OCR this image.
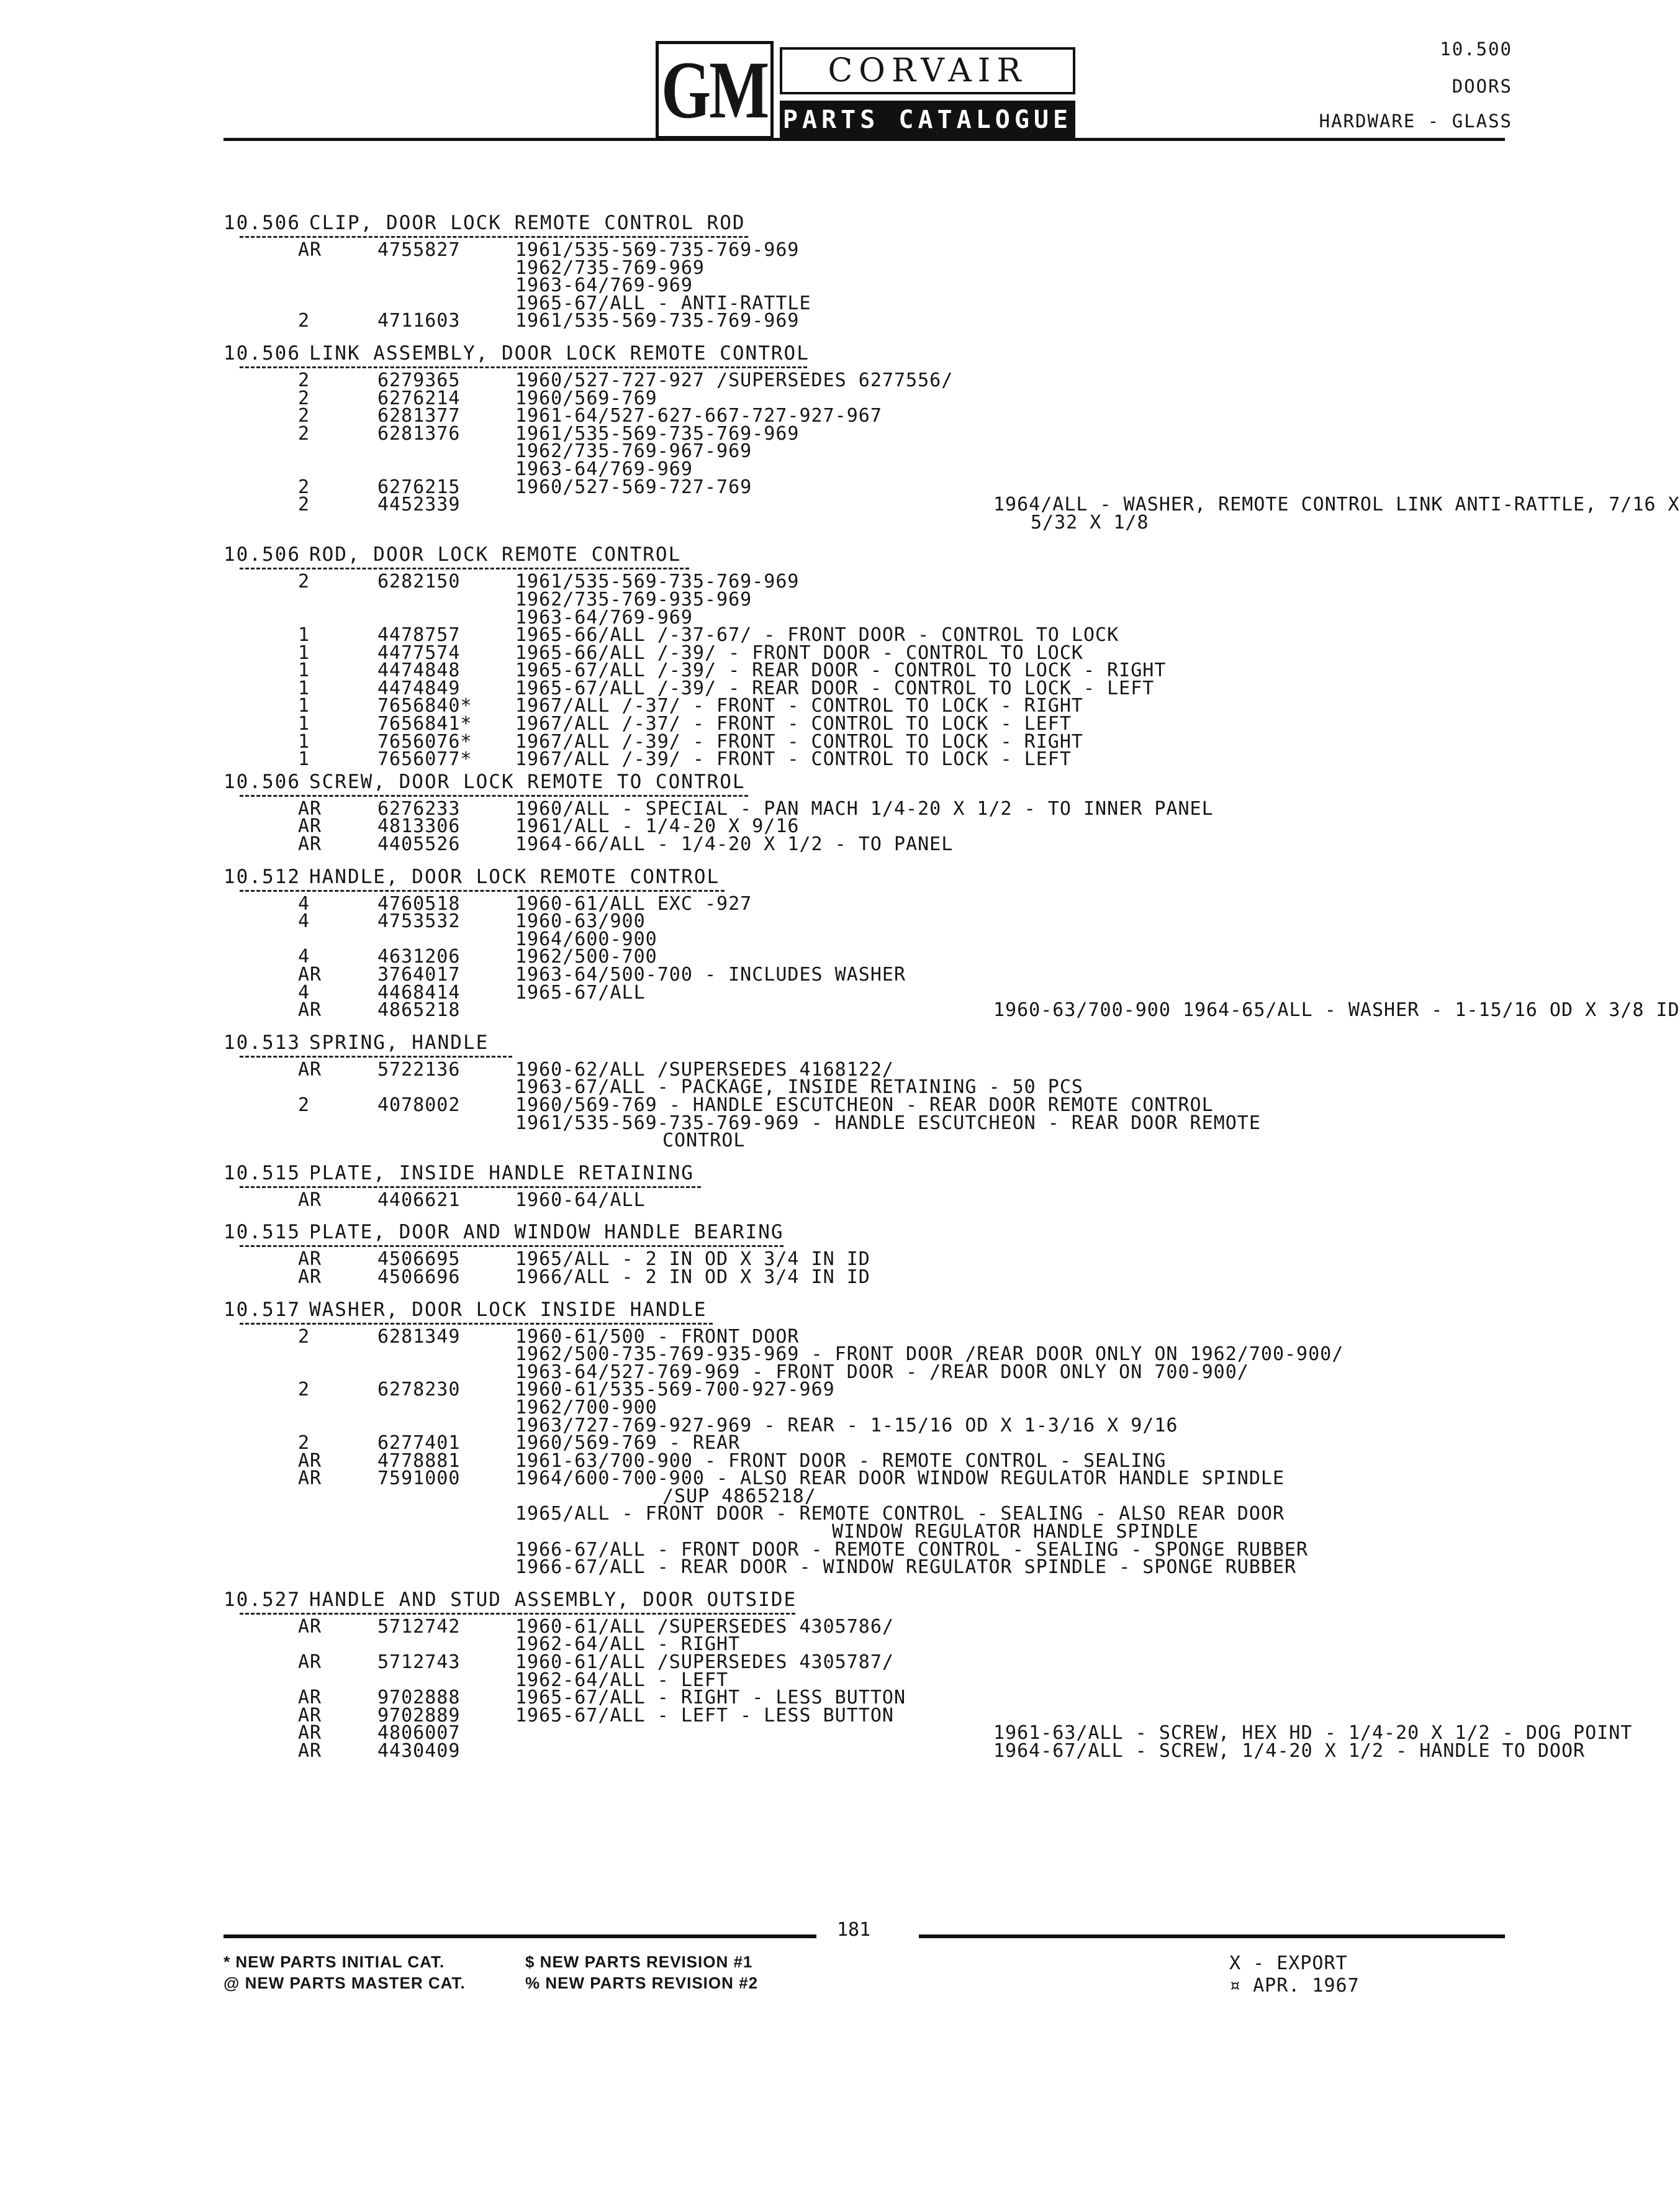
GM CORVAIR
PARTS CATALOGUE
10.500
DOORS
HARDWARE - GLASS
10.506 CLIP, DOOR LOCK REMOTE CONTROL ROD
AR	4755827	1961/535-569-735-769-969
1962/735-769-969
1963-64/769-969
1965-67/ALL - ANTI-RATTLE
2	4711603	1961/535-569-735-769-969
10.506 LINK ASSEMBLY, DOOR LOCK REMOTE CONTROL
2	6279365	1960/527-727-927 /SUPERSEDES 6277556/
2	6276214	1960/569-769
2	6281377	1961-64/527-627-667-727-927-967
2	6281376	1961/535-569-735-769-969
1962/735-769-967-969
1963-64/769-969
2	6276215	1960/527-569-727-769
2	4452339	1964/ALL - WASHER, REMOTE CONTROL LINK ANTI-RATTLE, 7/16 X
5/32 X 1/8
10.506 ROD, DOOR LOCK REMOTE CONTROL
2	6282150	1961/535-569-735-769-969
1962/735-769-935-969
1963-64/769-969
1	4478757	1965-66/ALL /-37-67/ - FRONT DOOR - CONTROL TO LOCK
1	4477574	1965-66/ALL /-39/ - FRONT DOOR - CONTROL TO LOCK
1	4474848	1965-67/ALL /-39/ - REAR DOOR - CONTROL TO LOCK - RIGHT
1	4474849	1965-67/ALL /-39/ - REAR DOOR - CONTROL TO LOCK - LEFT
1	7656840* 1967/ALL /-37/ - FRONT - CONTROL TO LOCK - RIGHT
1	7656841* 1967/ALL /-37/ - FRONT - CONTROL TO LOCK - LEFT
1	7656076* 1967/ALL /-39/ - FRONT - CONTROL TO LOCK - RIGHT
1	7656077* 1967/ALL /-39/ - FRONT - CONTROL TO LOCK - LEFT
10.506 SCREW, DOOR LOCK REMOTE TO CONTROL
AR	6276233	1960/ALL - SPECIAL - PAN MACH 1/4-20 X 1/2 - TO INNER PANEL
AR	4813306	1961/ALL - 1/4-20 X 9/16
AR	4405526	1964-66/ALL - 1/4-20 X 1/2 - TO PANEL
10.512 HANDLE, DOOR LOCK REMOTE CONTROL
4	4760518	1960-61/ALL EXC -927
4	4753532	1960-63/900
1964/600-900
4	4631206	1962/500-700
AR	3764017	1963-64/500-700 - INCLUDES WASHER
4	4468414	1965-67/ALL
AR	4865218	1960-63/700-900 1964-65/ALL - WASHER - 1-15/16 OD X 3/8 ID
10.513 SPRING, HANDLE
AR	5722136	1960-62/ALL /SUPERSEDES 4168122/
1963-67/ALL - PACKAGE, INSIDE RETAINING - 50 PCS
2	4078002	1960/569-769 - HANDLE ESCUTCHEON - REAR DOOR REMOTE CONTROL
1961/535-569-735-769-969 - HANDLE ESCUTCHEON - REAR DOOR REMOTE
CONTROL
10.515 PLATE, INSIDE HANDLE RETAINING
AR	4406621	1960-64/ALL
10.515 PLATE, DOOR AND WINDOW HANDLE BEARING
AR	4506695	1965/ALL - 2 IN OD X 3/4 IN ID
AR	4506696	1966/ALL - 2 IN OD X 3/4 IN ID
10.517 WASHER, DOOR LOCK INSIDE HANDLE
2	6281349	1960-61/500 - FRONT DOOR
1962/500-735-769-935-969 - FRONT DOOR /REAR DOOR ONLY ON 1962/700-900/
1963-64/527-769-969 - FRONT DOOR - /REAR DOOR ONLY ON 700-900/
2	6278230	1960-61/535-569-700-927-969
1962/700-900
1963/727-769-927-969 - REAR - 1-15/16 OD X 1-3/16 X 9/16
2	6277401	1960/569-769 - REAR
AR	4778881	1961-63/700-900 - FRONT DOOR - REMOTE CONTROL - SEALING
AR	7591000	1964/600-700-900 - ALSO REAR DOOR WINDOW REGULATOR HANDLE SPINDLE
/SUP 4865218/
1965/ALL - FRONT DOOR - REMOTE CONTROL - SEALING - ALSO REAR DOOR
WINDOW REGULATOR HANDLE SPINDLE
1966-67/ALL - FRONT DOOR - REMOTE CONTROL - SEALING - SPONGE RUBBER
1966-67/ALL - REAR DOOR - WINDOW REGULATOR SPINDLE - SPONGE RUBBER
10.527 HANDLE AND STUD ASSEMBLY, DOOR OUTSIDE
AR	5712742	1960-61/ALL /SUPERSEDES 4305786/
1962-64/ALL - RIGHT
AR	5712743	1960-61/ALL /SUPERSEDES 4305787/
1962-64/ALL - LEFT
AR	9702888	1965-67/ALL - RIGHT - LESS BUTTON
AR	9702889	1965-67/ALL - LEFT - LESS BUTTON
AR	4806007	1961-63/ALL - SCREW, HEX HD - 1/4-20 X 1/2 - DOG POINT
AR	4430409	1964-67/ALL - SCREW, 1/4-20 X 1/2 - HANDLE TO DOOR
181
* NEW PARTS INITIAL CAT.
@ NEW PARTS MASTER CAT.
$ NEW PARTS REVISION #1
% NEW PARTS REVISION #2
X - EXPORT
¤ APR. 1967
